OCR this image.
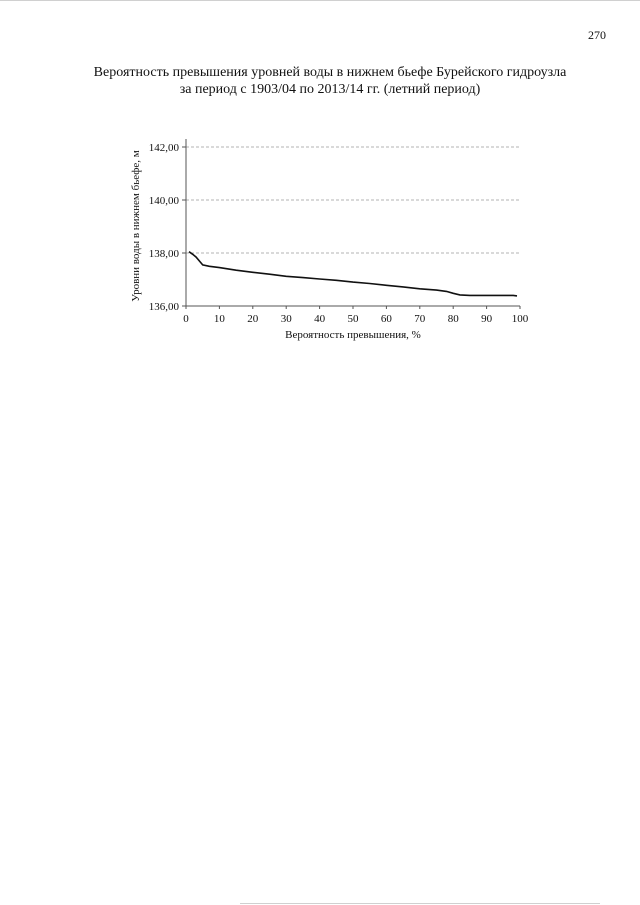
270
Вероятность превышения уровней воды в нижнем бьефе Бурейского гидроузла
за период с 1903/04 по 2013/14 гг. (летний период)
136,00
138,00
140,00
142,00
0 10 20 30 40 50 60 70 80 90 100
Вероятность превышения, %
Уровни воды в нижнем бьефе, м
